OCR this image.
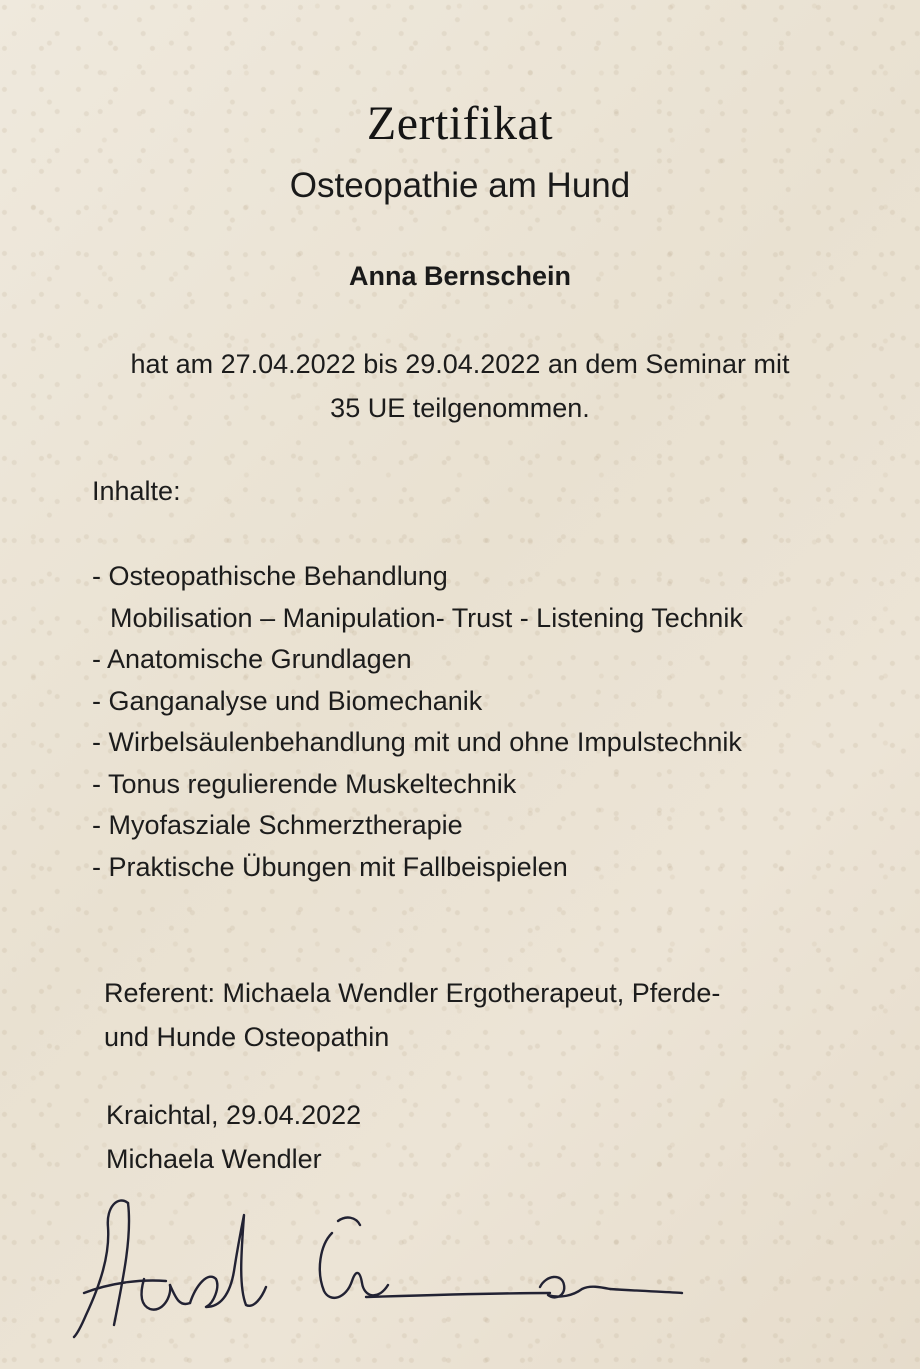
Zertifikat
Osteopathie am Hund
Anna Bernschein
hat am 27.04.2022 bis 29.04.2022 an dem Seminar mit
35 UE teilgenommen.
Inhalte:
- Osteopathische Behandlung
Mobilisation – Manipulation- Trust - Listening Technik
- Anatomische Grundlagen
- Ganganalyse und Biomechanik
- Wirbelsäulenbehandlung mit und ohne Impulstechnik
- Tonus regulierende Muskeltechnik
- Myofasziale Schmerztherapie
- Praktische Übungen mit Fallbeispielen
Referent: Michaela Wendler Ergotherapeut, Pferde-
und Hunde Osteopathin
Kraichtal, 29.04.2022
Michaela Wendler
